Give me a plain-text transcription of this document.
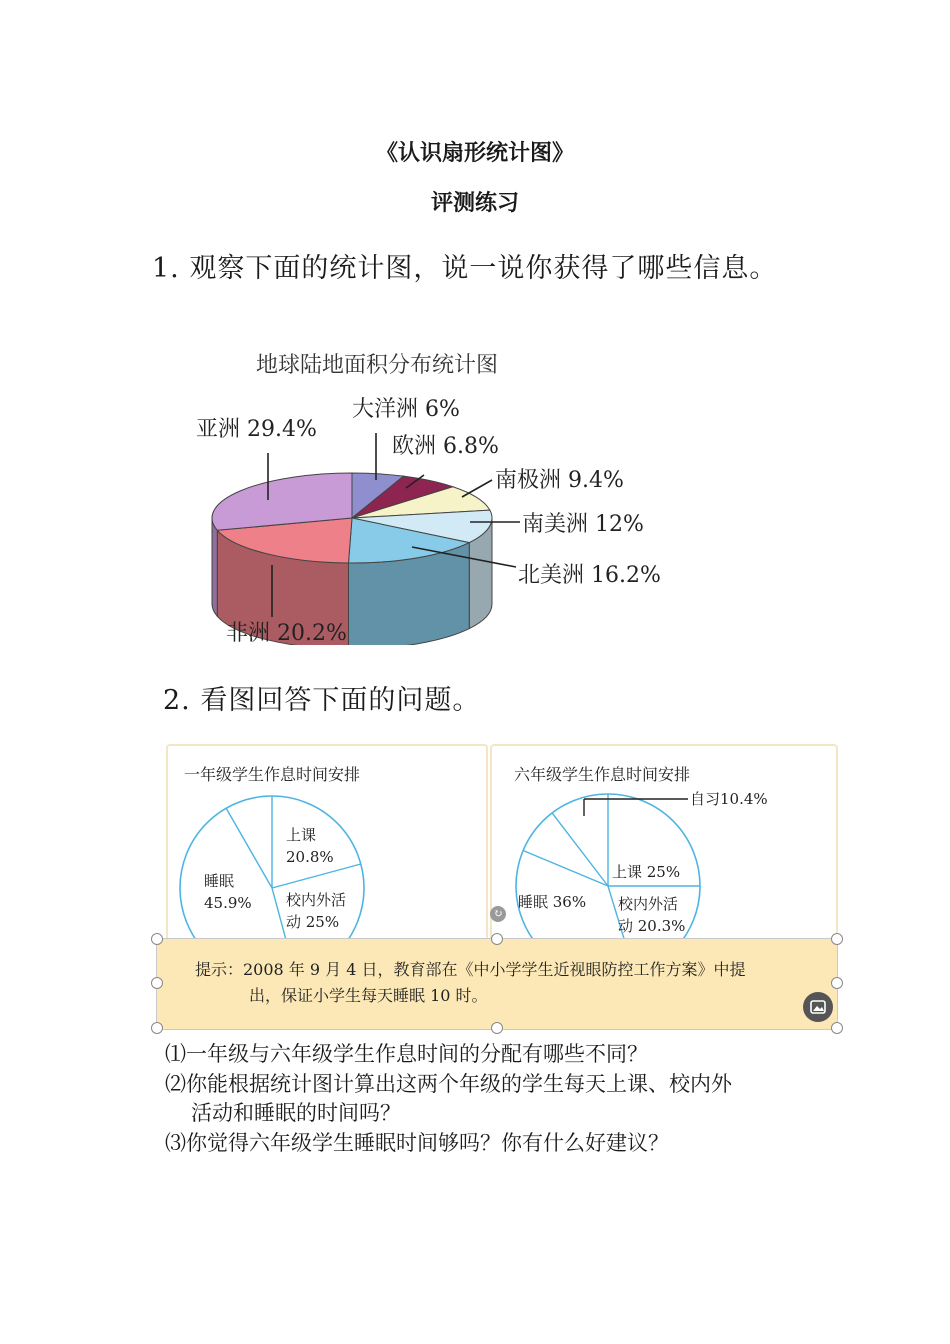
《认识扇形统计图》
评测练习
1. 观察下面的统计图，说一说你获得了哪些信息。
地球陆地面积分布统计图
亚洲 29.4%
大洋洲 6%
欧洲 6.8%
南极洲 9.4%
南美洲 12%
北美洲 16.2%
非洲 20.2%
2. 看图回答下面的问题。
一年级学生作息时间安排
上课
20.8%
校内外活
动 25%
睡眠
45.9%
六年级学生作息时间安排
自习10.4%
上课 25%
校内外活
动 20.3%
睡眠 36%
↻
提示：2008 年 9 月 4 日，教育部在《中小学学生近视眼防控工作方案》中提
出，保证小学生每天睡眠 10 时。
⑴一年级与六年级学生作息时间的分配有哪些不同？
⑵你能根据统计图计算出这两个年级的学生每天上课、校内外
活动和睡眠的时间吗？
⑶你觉得六年级学生睡眠时间够吗？你有什么好建议？
